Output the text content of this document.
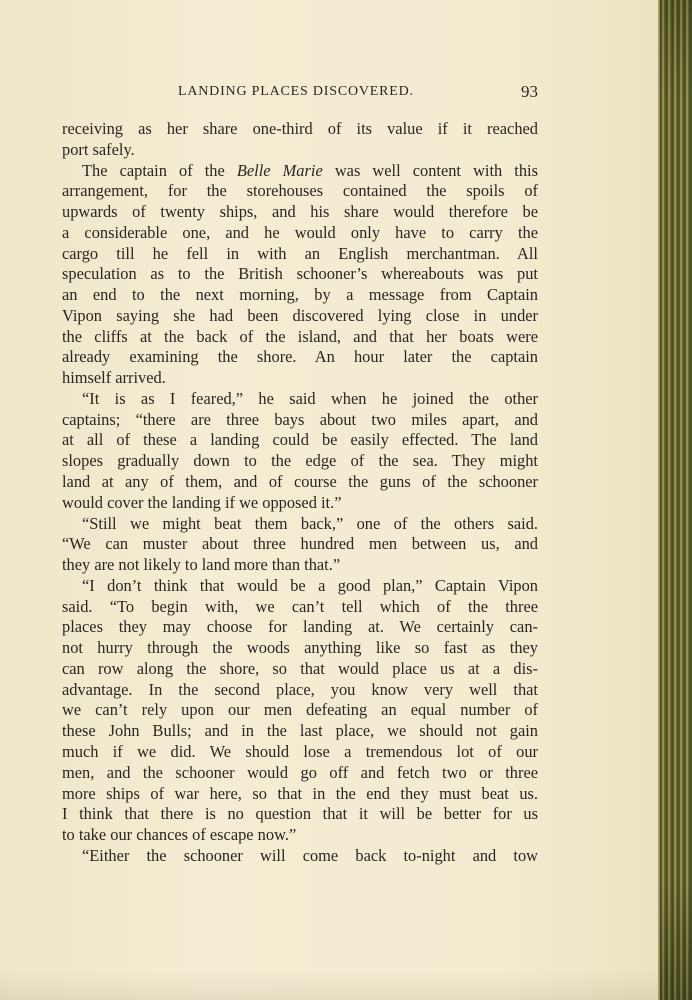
LANDING PLACES DISCOVERED.	93
receiving as her share one-third of its value if it reached
port safely.
The captain of the Belle Marie was well content with this
arrangement, for the storehouses contained the spoils of
upwards of twenty ships, and his share would therefore be
a considerable one, and he would only have to carry the
cargo till he fell in with an English merchantman. All
speculation as to the British schooner’s whereabouts was put
an end to the next morning, by a message from Captain
Vipon saying she had been discovered lying close in under
the cliffs at the back of the island, and that her boats were
already examining the shore. An hour later the captain
himself arrived.
“It is as I feared,” he said when he joined the other
captains; “there are three bays about two miles apart, and
at all of these a landing could be easily effected. The land
slopes gradually down to the edge of the sea. They might
land at any of them, and of course the guns of the schooner
would cover the landing if we opposed it.”
“Still we might beat them back,” one of the others said.
“We can muster about three hundred men between us, and
they are not likely to land more than that.”
“I don’t think that would be a good plan,” Captain Vipon
said. “To begin with, we can’t tell which of the three
places they may choose for landing at. We certainly can-
not hurry through the woods anything like so fast as they
can row along the shore, so that would place us at a dis-
advantage. In the second place, you know very well that
we can’t rely upon our men defeating an equal number of
these John Bulls; and in the last place, we should not gain
much if we did. We should lose a tremendous lot of our
men, and the schooner would go off and fetch two or three
more ships of war here, so that in the end they must beat us.
I think that there is no question that it will be better for us
to take our chances of escape now.”
“Either the schooner will come back to-night and tow
